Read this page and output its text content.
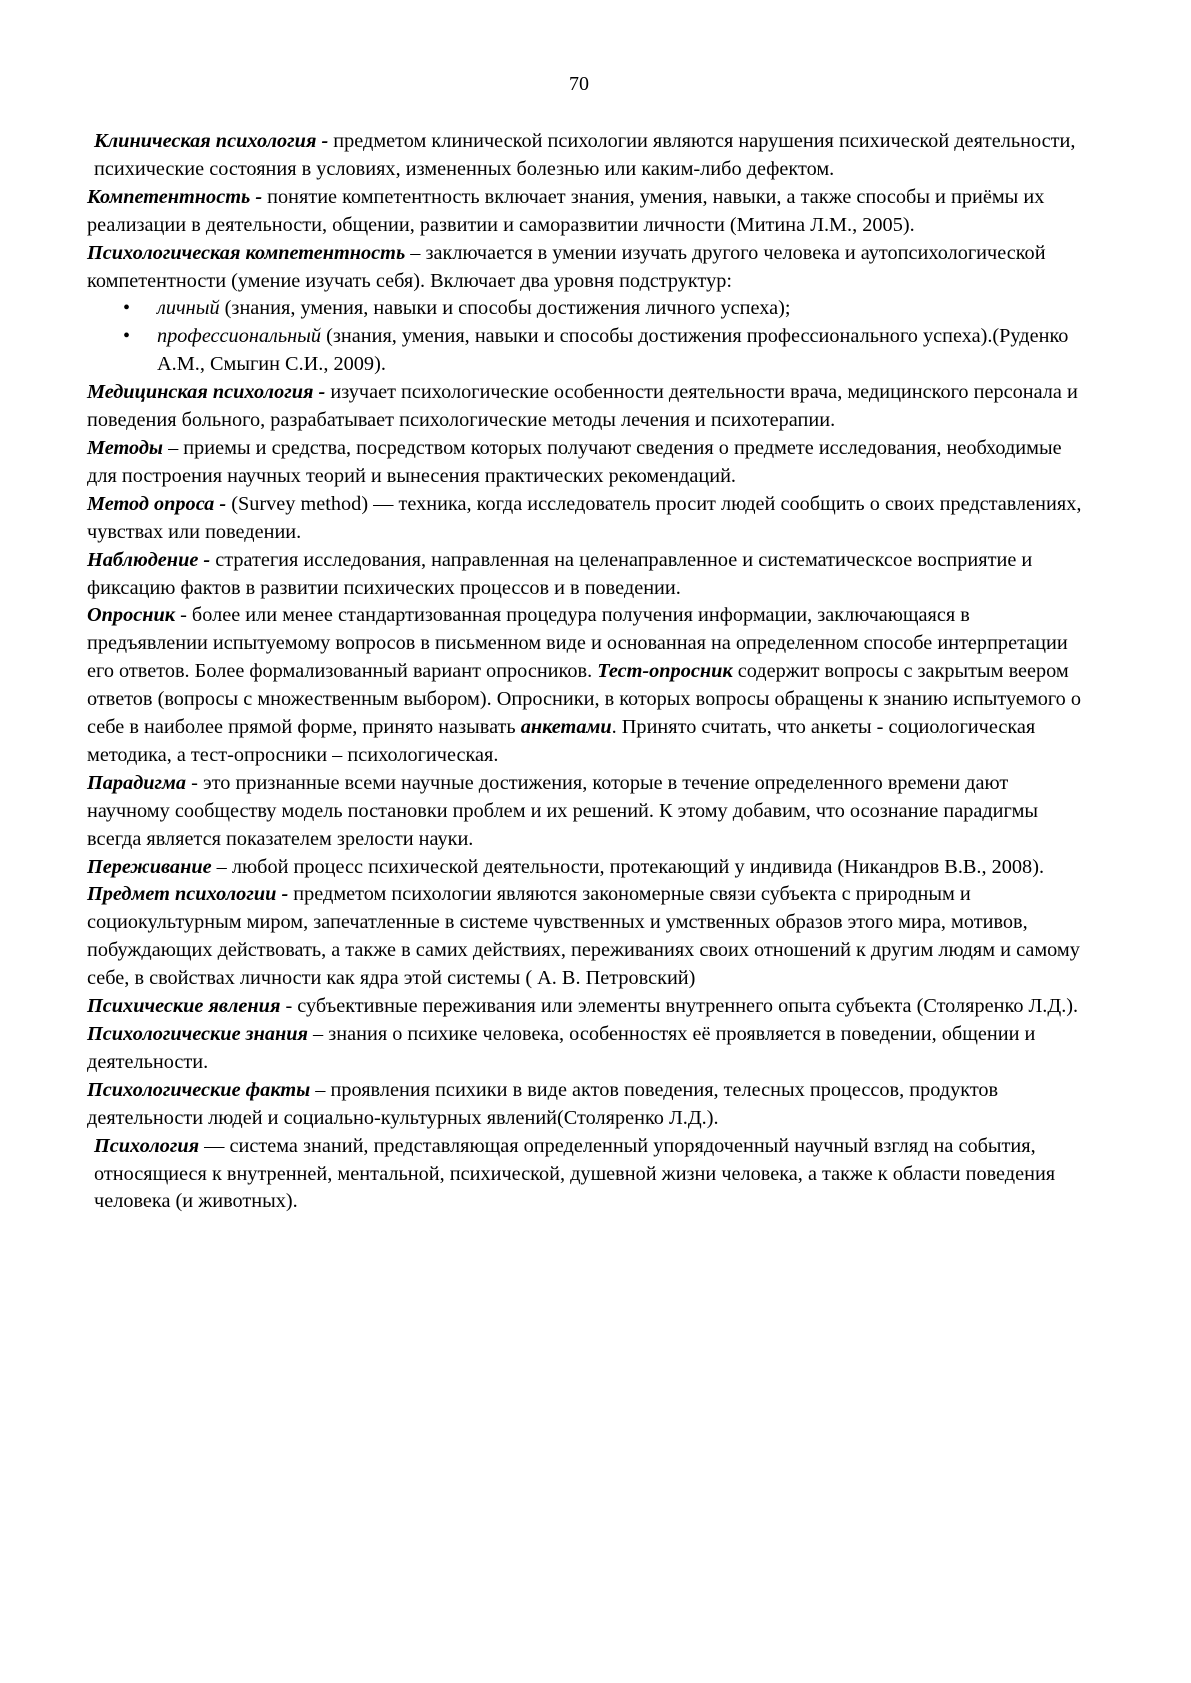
70

Клиническая психология - предметом клинической психологии являются нарушения психической деятельности, психические состояния в условиях, измененных болезнью или каким-либо дефектом.

Компетентность - понятие компетентность включает знания, умения, навыки, а также способы и приёмы их реализации в деятельности, общении, развитии и саморазвитии личности (Митина Л.М., 2005).

Психологическая компетентность – заключается в умении изучать другого человека и аутопсихологической компетентности (умение изучать себя). Включает два уровня подструктур:

• личный (знания, умения, навыки и способы достижения личного успеха);
• профессиональный (знания, умения, навыки и способы достижения профессионального успеха).(Руденко А.М., Смыгин С.И., 2009).

Медицинская психология - изучает психологические особенности деятельности врача, медицинского персонала и поведения больного, разрабатывает психологические методы лечения и психотерапии.

Методы – приемы и средства, посредством которых получают сведения о предмете исследования, необходимые для построения научных теорий и вынесения практических рекомендаций.

Метод опроса - (Survey method) — техника, когда исследователь просит людей сообщить о своих представлениях, чувствах или поведении.

Наблюдение - стратегия исследования, направленная на целенаправленное и систематическсое восприятие и фиксацию фактов в развитии психических процессов и в поведении.

Опросник - более или менее стандартизованная процедура получения информации, заключающаяся в предъявлении испытуемому вопросов в письменном виде и основанная на определенном способе интерпретации его ответов. Более формализованный вариант опросников. Тест-опросник содержит вопросы с закрытым веером ответов (вопросы с множественным выбором). Опросники, в которых вопросы обращены к знанию испытуемого о себе в наиболее прямой форме, принято называть анкетами. Принято считать, что анкеты - социологическая методика, а тест-опросники – психологическая.

Парадигма - это признанные всеми научные достижения, которые в течение определенного времени дают научному сообществу модель постановки проблем и их решений. К этому добавим, что осознание парадигмы всегда является показателем зрелости науки.

Переживание – любой процесс психической деятельности, протекающий у индивида (Никандров В.В., 2008).

Предмет психологии - предметом психологии являются закономерные связи субъекта с природным и социокультурным миром, запечатленные в системе чувственных и умственных образов этого мира, мотивов, побуждающих действовать, а также в самих действиях, переживаниях своих отношений к другим людям и самому себе, в свойствах личности как ядра этой системы ( А. В. Петровский)

Психические явления - субъективные переживания или элементы внутреннего опыта субъекта (Столяренко Л.Д.).

Психологические знания – знания о психике человека, особенностях её проявляется в поведении, общении и деятельности.

Психологические факты – проявления психики в виде актов поведения, телесных процессов, продуктов деятельности людей и социально-культурных явлений(Столяренко Л.Д.).

Психология — система знаний, представляющая определенный упорядоченный научный взгляд на события, относящиеся к внутренней, ментальной, психической, душевной жизни человека, а также к области поведения человека (и животных).
